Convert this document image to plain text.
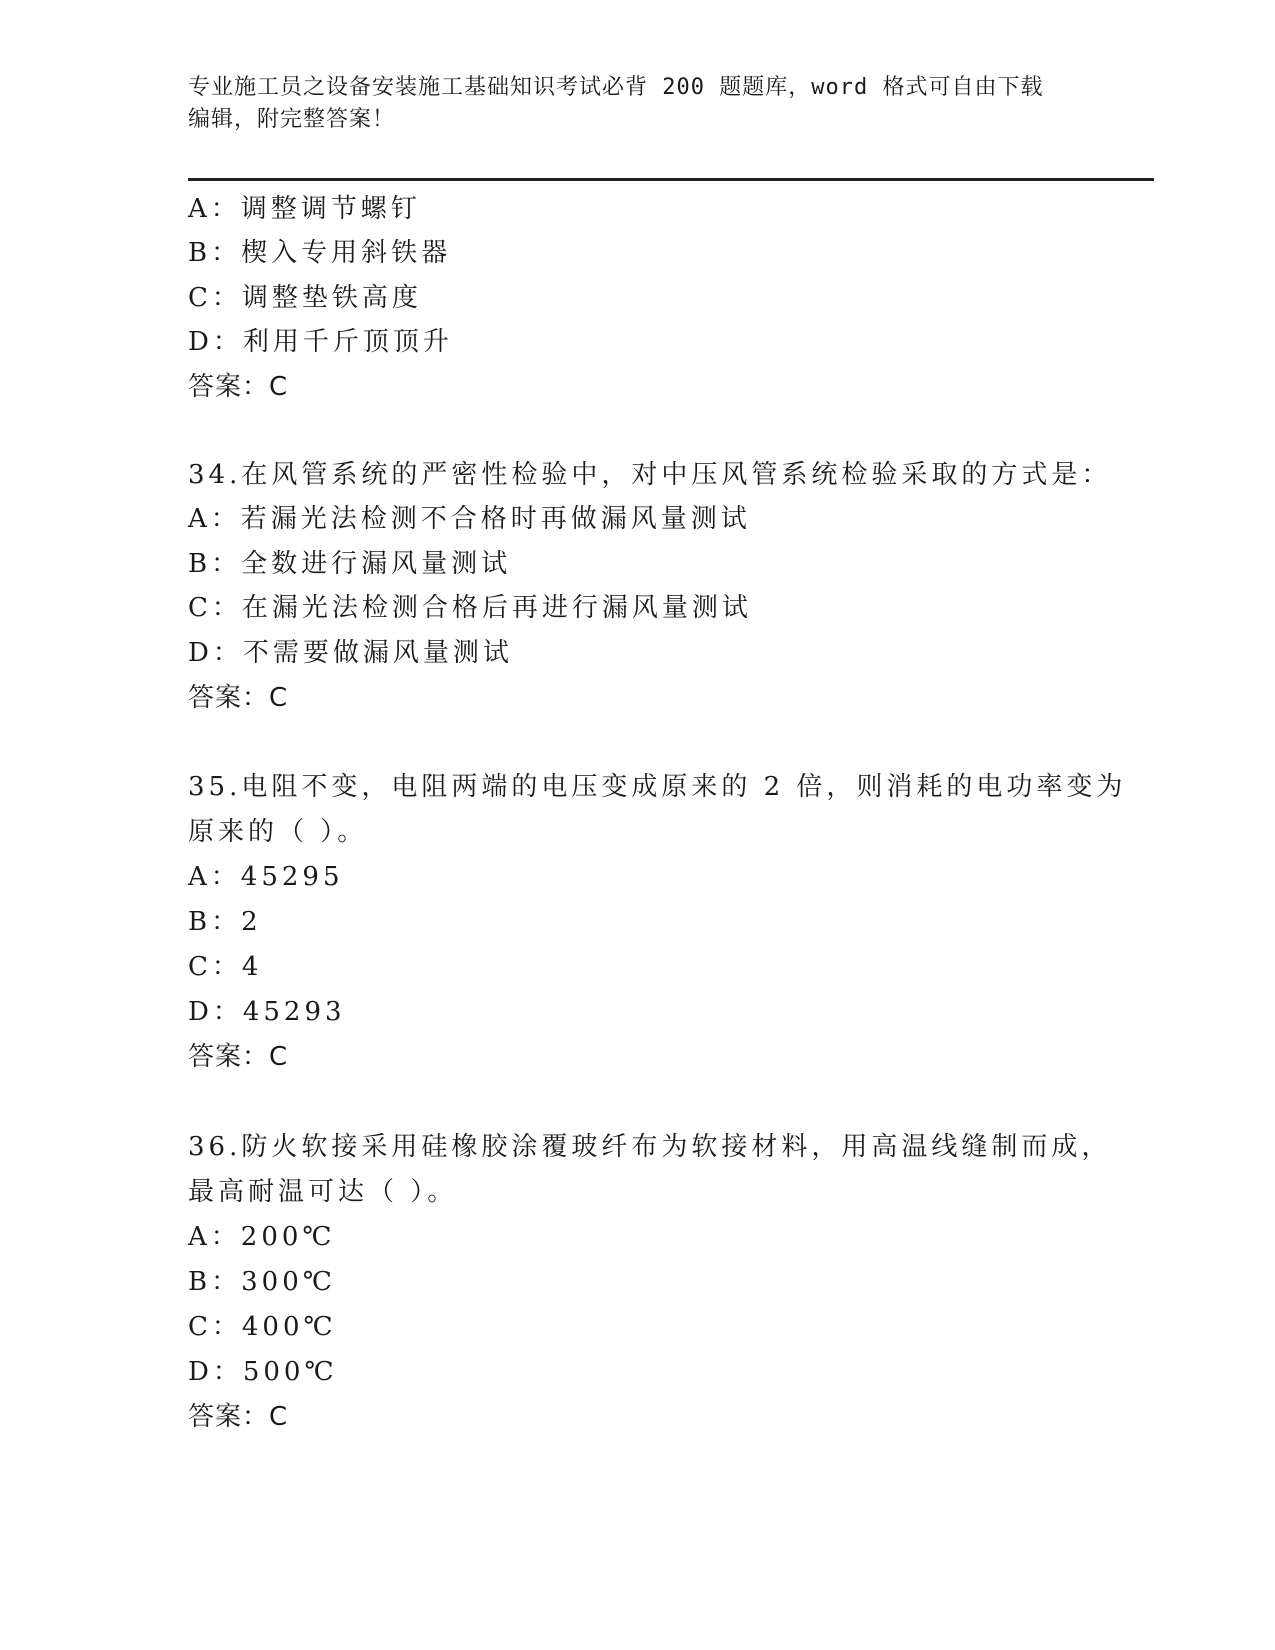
专业施工员之设备安装施工基础知识考试必背 200 题题库，word 格式可自由下载
编辑，附完整答案！
A：调整调节螺钉
B：楔入专用斜铁器
C：调整垫铁高度
D：利用千斤顶顶升
答案：C
34.在风管系统的严密性检验中，对中压风管系统检验采取的方式是：
A：若漏光法检测不合格时再做漏风量测试
B：全数进行漏风量测试
C：在漏光法检测合格后再进行漏风量测试
D：不需要做漏风量测试
答案：C
35.电阻不变，电阻两端的电压变成原来的 2 倍，则消耗的电功率变为
原来的（ ）。
A：45295
B：2
C：4
D：45293
答案：C
36.防火软接采用硅橡胶涂覆玻纤布为软接材料，用高温线缝制而成，
最高耐温可达（ ）。
A：200℃
B：300℃
C：400℃
D：500℃
答案：C
